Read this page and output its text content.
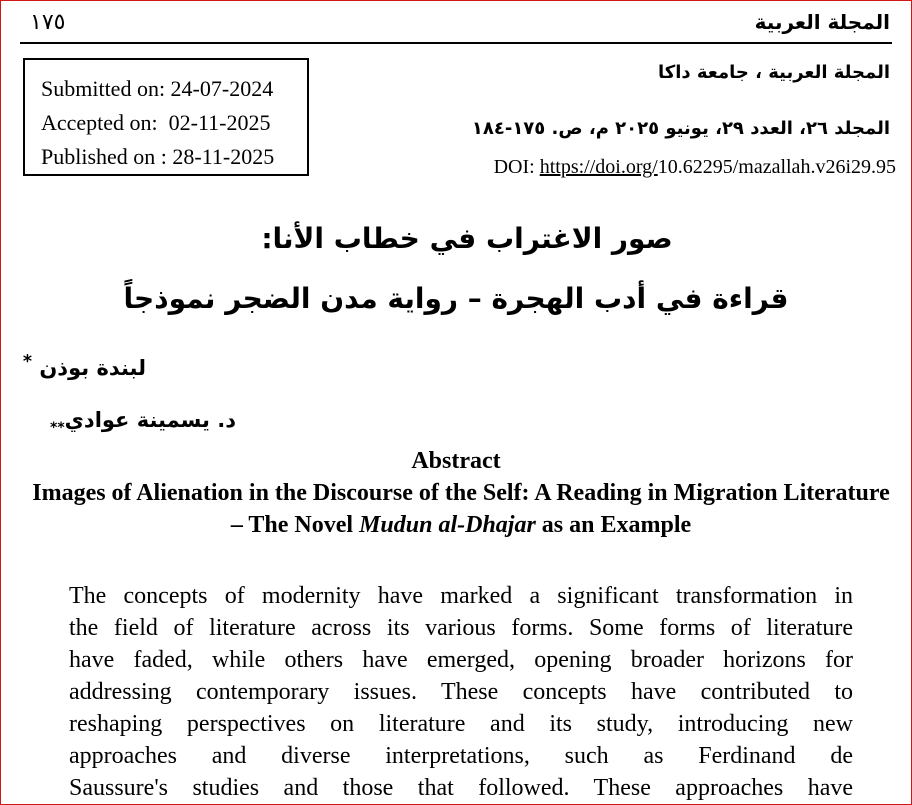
١٧٥	المجلة العربية
Submitted on: 24-07-2024
Accepted on:  02-11-2025
Published on : 28-11-2025
المجلة العربية ، جامعة داكا
المجلد ٢٦، العدد ٢٩، يونيو ٢٠٢٥ م، ص. ١٧٥-١٨٤
DOI: https://doi.org/10.62295/mazallah.v26i29.95
صور الاغتراب في خطاب الأنا:
قراءة في أدب الهجرة – رواية مدن الضجر نموذجاً
لبندة بوذن *
د. يسمينة عوادي$_{**}$
Abstract
Images of Alienation in the Discourse of the Self: A Reading in Migration Literature – The Novel Mudun al-Dhajar as an Example
The concepts of modernity have marked a significant transformation in
the field of literature across its various forms. Some forms of literature
have faded, while others have emerged, opening broader horizons for
addressing contemporary issues. These concepts have contributed to
reshaping perspectives on literature and its study, introducing new
approaches and diverse interpretations, such as Ferdinand de
Saussure's studies and those that followed. These approaches have
